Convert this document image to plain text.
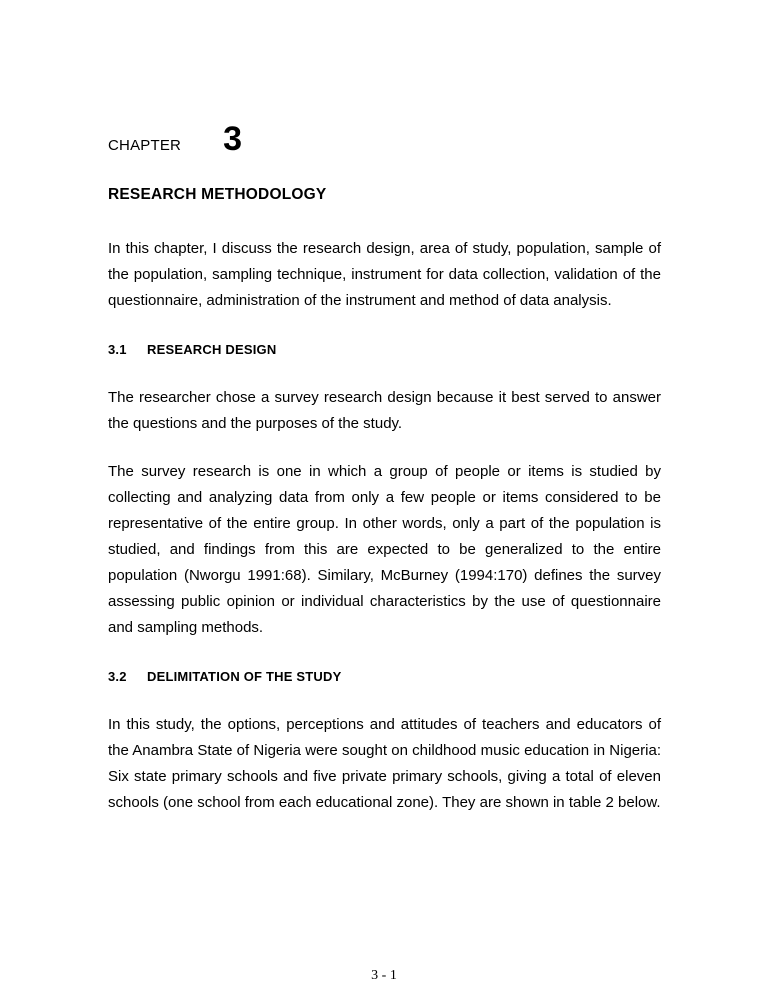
CHAPTER 3
RESEARCH METHODOLOGY

In this chapter, I discuss the research design, area of study, population, sample of the population, sampling technique, instrument for data collection, validation of the questionnaire, administration of the instrument and method of data analysis.

3.1 RESEARCH DESIGN

The researcher chose a survey research design because it best served to answer the questions and the purposes of the study.

The survey research is one in which a group of people or items is studied by collecting and analyzing data from only a few people or items considered to be representative of the entire group. In other words, only a part of the population is studied, and findings from this are expected to be generalized to the entire population (Nworgu 1991:68). Similary, McBurney (1994:170) defines the survey assessing public opinion or individual characteristics by the use of questionnaire and sampling methods.

3.2 DELIMITATION OF THE STUDY

In this study, the options, perceptions and attitudes of teachers and educators of the Anambra State of Nigeria were sought on childhood music education in Nigeria: Six state primary schools and five private primary schools, giving a total of eleven schools (one school from each educational zone). They are shown in table 2 below.

3 - 1
